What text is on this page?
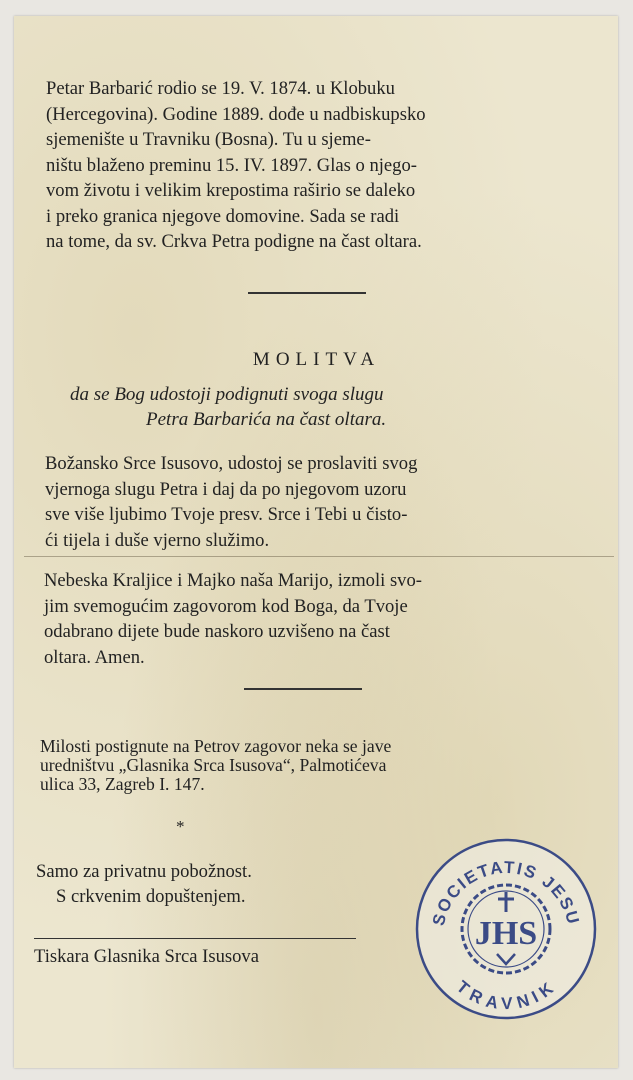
Petar Barbarić rodio se 19. V. 1874. u Klobuku
(Hercegovina). Godine 1889. dođe u nadbiskupsko
sjemenište u Travniku (Bosna). Tu u sjeme-
ništu blaženo preminu 15. IV. 1897. Glas o njego-
vom životu i velikim krepostima raširio se daleko
i preko granica njegove domovine. Sada se radi
na tome, da sv. Crkva Petra podigne na čast oltara.
MOLITVA
da se Bog udostoji podignuti svoga slugu
Petra Barbarića na čast oltara.
Božansko Srce Isusovo, udostoj se proslaviti svog
vjernoga slugu Petra i daj da po njegovom uzoru
sve više ljubimo Tvoje presv. Srce i Tebi u čisto-
ći tijela i duše vjerno služimo.
Nebeska Kraljice i Majko naša Marijo, izmoli svo-
jim svemogućim zagovorom kod Boga, da Tvoje
odabrano dijete bude naskoro uzvišeno na čast
oltara. Amen.
Milosti postignute na Petrov zagovor neka se jave
uredništvu „Glasnika Srca Isusova“, Palmotićeva
ulica 33, Zagreb I. 147.
*
Samo za privatnu pobožnost.
S crkvenim dopuštenjem.
Tiskara Glasnika Srca Isusova
SOCIETATIS JESU
TRAVNIK
JHS
